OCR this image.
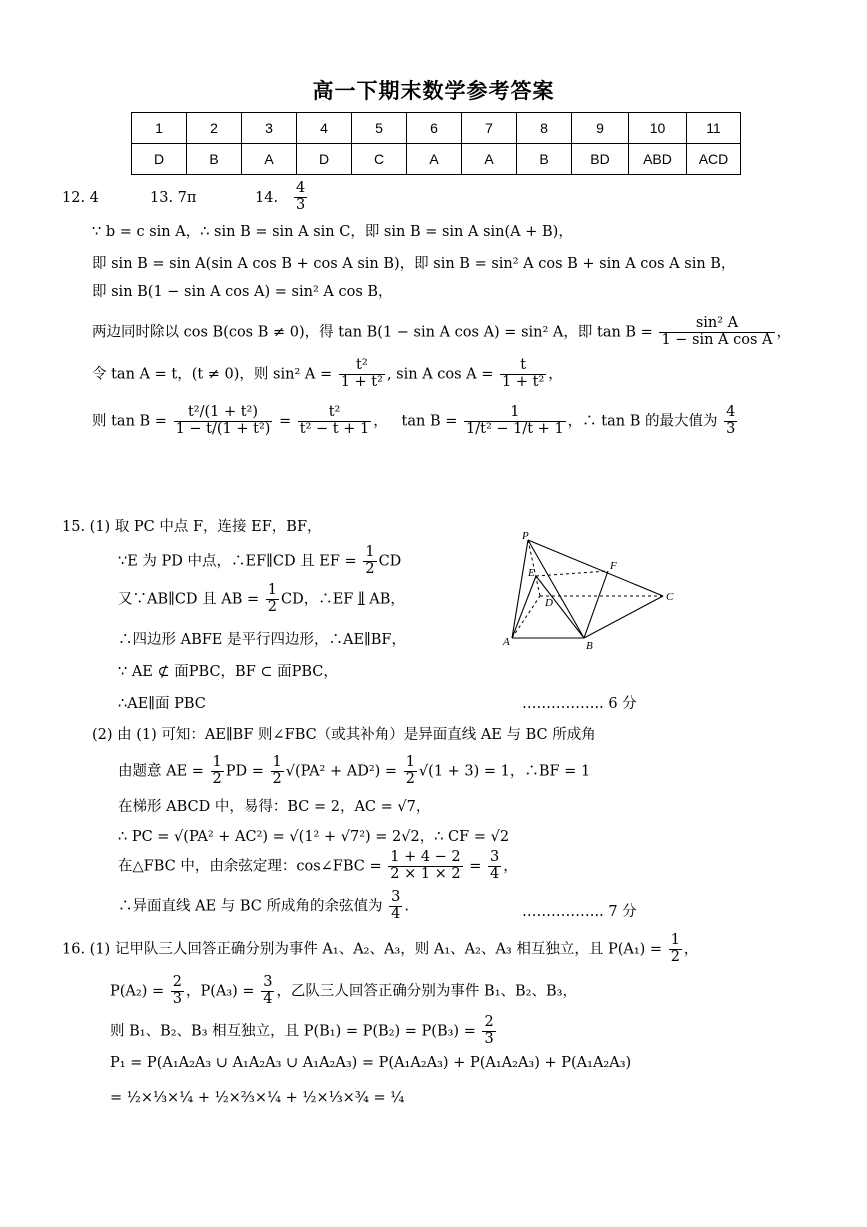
高一下期末数学参考答案
1	2	3	4	5	6	7	8	9	10	11
D	B	A	D	C	A	A	B	BD	ABD	ACD
12. 4	13. 7π	14. $\frac{4}{3}$
∵ b = c sin A，∴ sin B = sin A sin C，即 sin B = sin A sin(A + B)，
即 sin B = sin A(sin A cos B + cos A sin B)，即 sin B = sin² A cos B + sin A cos A sin B，
即 sin B(1 − sin A cos A) = sin² A cos B，
两边同时除以 cos B(cos B ≠ 0)，得 tan B(1 − sin A cos A) = sin² A，即 $\tan B = \frac{\text{sin² A}}{\text{1 − sin A cos A}}$ ，
令 tan A = t，(t ≠ 0)，则 sin² $A = \frac{\text{t²}}{\text{1 + t²}}$ , sin A $\cos A = \frac{t}{\text{1 + t²}}$ ，
则 $\tan B = \frac{\text{t²/(1 + t²)}}{\text{1 − t/(1 + t²)}} = \frac{\text{t²}}{\text{t² − t + 1}}$ ，   $\tan B = \frac{1}{\text{1/t² − 1/t + 1}}$ ，∴ tan B 的最大值为 $\frac{4}{3}$
15. (1) 取 PC 中点 F，连接 EF，BF，
∵E 为 PD 中点，∴EF∥CD 且 EF = $\frac{1}{2}$ CD
又∵AB∥CD 且 AB = $\frac{1}{2}$ CD，∴EF ∥ AB，
∴四边形 ABFE 是平行四边形，∴AE∥BF，
∵ AE ⊄ 面PBC，BF ⊂ 面PBC，
∴AE∥面 PBC	…………….. 6 分
P
E
F
D	C
A	B
(2) 由 (1) 可知：AE∥BF 则∠FBC（或其补角）是异面直线 AE 与 BC 所成角
由题意 AE = $\frac{1}{2}$ PD = $\frac{1}{2} √(PA^2 + AD^2) = \frac{1}{2} √(1 + 3) = 1$，∴BF = 1
在梯形 ABCD 中，易得：BC = 2，AC = √7，
∴ PC = √(PA² + AC²) = √(1² + √7²) = 2√2，∴ CF = √2
在△FBC 中，由余弦定理：cos∠FBC = $\frac{1 + 4 - 2}{2 \times 1 \times 2} = \frac{3}{4}$ ，
∴异面直线 AE 与 BC 所成角的余弦值为 $\frac{3}{4}$ .	…………….. 7 分
16. (1) 记甲队三人回答正确分别为事件 A₁、A₂、A₃，则 A₁、A₂、A₃ 相互独立，且 $P(A_1) = \frac{1}{2}$ ，
$P(A_2) = \frac{2}{3}$ ，$P(A_3) = \frac{3}{4}$ ，乙队三人回答正确分别为事件 B₁、B₂、B₃，
则 B₁、B₂、B₃ 相互独立，且 $P(B_1) = P(B_2) = P(B_3) = \frac{2}{3}$
P₁ = P(A₁A₂A₃ ∪ A₁A₂A₃ ∪ A₁A₂A₃) = P(A₁A₂A₃) + P(A₁A₂A₃) + P(A₁A₂A₃)
= ½×⅓×¼ + ½×⅔×¼ + ½×⅓×¾ = ¼
